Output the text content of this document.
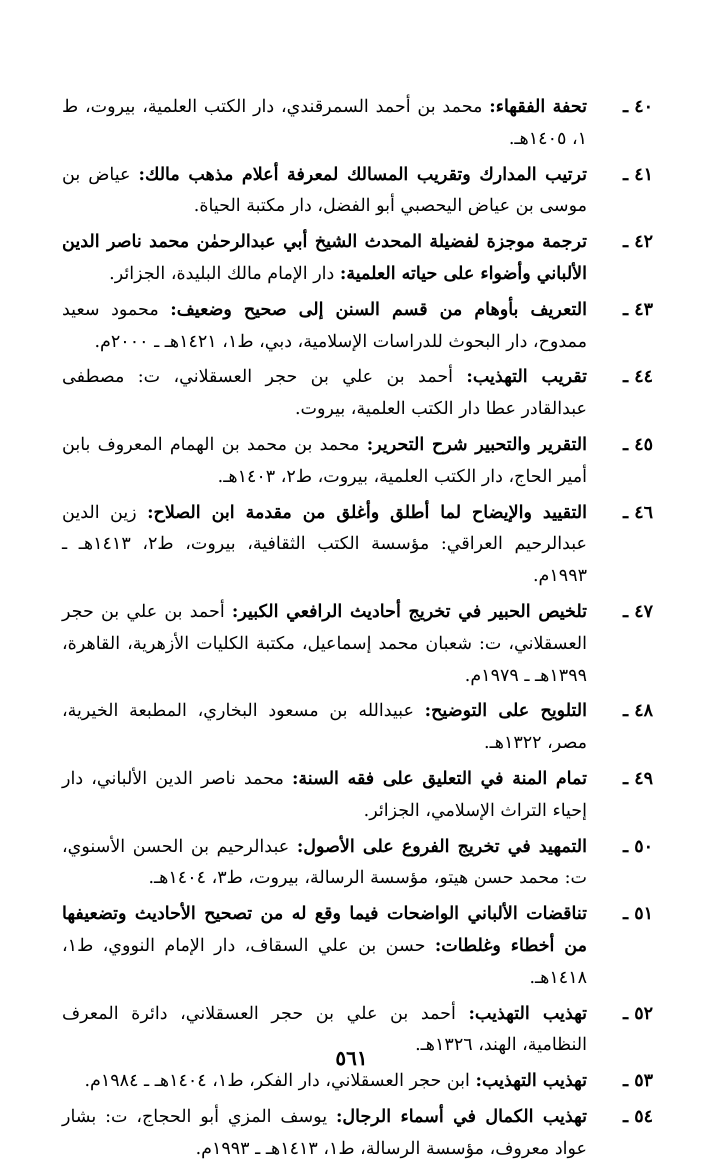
٤٠ ـ
تحفة الفقهاء: محمد بن أحمد السمرقندي، دار الكتب العلمية، بيروت، ط ١، ١٤٠٥هـ.

٤١ ـ
ترتيب المدارك وتقريب المسالك لمعرفة أعلام مذهب مالك: عياض بن موسى بن عياض اليحصبي أبو الفضل، دار مكتبة الحياة.

٤٢ ـ
ترجمة موجزة لفضيلة المحدث الشيخ أبي عبدالرحمٰن محمد ناصر الدين الألباني وأضواء على حياته العلمية: دار الإمام مالك البليدة، الجزائر.

٤٣ ـ
التعريف بأوهام من قسم السنن إلى صحيح وضعيف: محمود سعيد ممدوح، دار البحوث للدراسات الإسلامية، دبي، ط١، ١٤٢١هـ ـ ٢٠٠٠م.

٤٤ ـ
تقريب التهذيب: أحمد بن علي بن حجر العسقلاني، ت: مصطفى عبدالقادر عطا دار الكتب العلمية، بيروت.

٤٥ ـ
التقرير والتحبير شرح التحرير: محمد بن محمد بن الهمام المعروف بابن أمير الحاج، دار الكتب العلمية، بيروت، ط٢، ١٤٠٣هـ.

٤٦ ـ
التقييد والإيضاح لما أطلق وأغلق من مقدمة ابن الصلاح: زين الدين عبدالرحيم العراقي: مؤسسة الكتب الثقافية، بيروت، ط٢، ١٤١٣هـ ـ ١٩٩٣م.

٤٧ ـ
تلخيص الحبير في تخريج أحاديث الرافعي الكبير: أحمد بن علي بن حجر العسقلاني، ت: شعبان محمد إسماعيل، مكتبة الكليات الأزهرية، القاهرة، ١٣٩٩هـ ـ ١٩٧٩م.

٤٨ ـ
التلويح على التوضيح: عبيدالله بن مسعود البخاري، المطبعة الخيرية، مصر، ١٣٢٢هـ.

٤٩ ـ
تمام المنة في التعليق على فقه السنة: محمد ناصر الدين الألباني، دار إحياء التراث الإسلامي، الجزائر.

٥٠ ـ
التمهيد في تخريج الفروع على الأصول: عبدالرحيم بن الحسن الأسنوي، ت: محمد حسن هيتو، مؤسسة الرسالة، بيروت، ط٣، ١٤٠٤هـ.

٥١ ـ
تناقضات الألباني الواضحات فيما وقع له من تصحيح الأحاديث وتضعيفها من أخطاء وغلطات: حسن بن علي السقاف، دار الإمام النووي، ط١، ١٤١٨هـ.

٥٢ ـ
تهذيب التهذيب: أحمد بن علي بن حجر العسقلاني، دائرة المعرف النظامية، الهند، ١٣٢٦هـ.

٥٣ ـ
تهذيب التهذيب: ابن حجر العسقلاني، دار الفكر، ط١، ١٤٠٤هـ ـ ١٩٨٤م.

٥٤ ـ
تهذيب الكمال في أسماء الرجال: يوسف المزي أبو الحجاج، ت: بشار عواد معروف، مؤسسة الرسالة، ط١، ١٤١٣هـ ـ ١٩٩٣م.

٥٦١
